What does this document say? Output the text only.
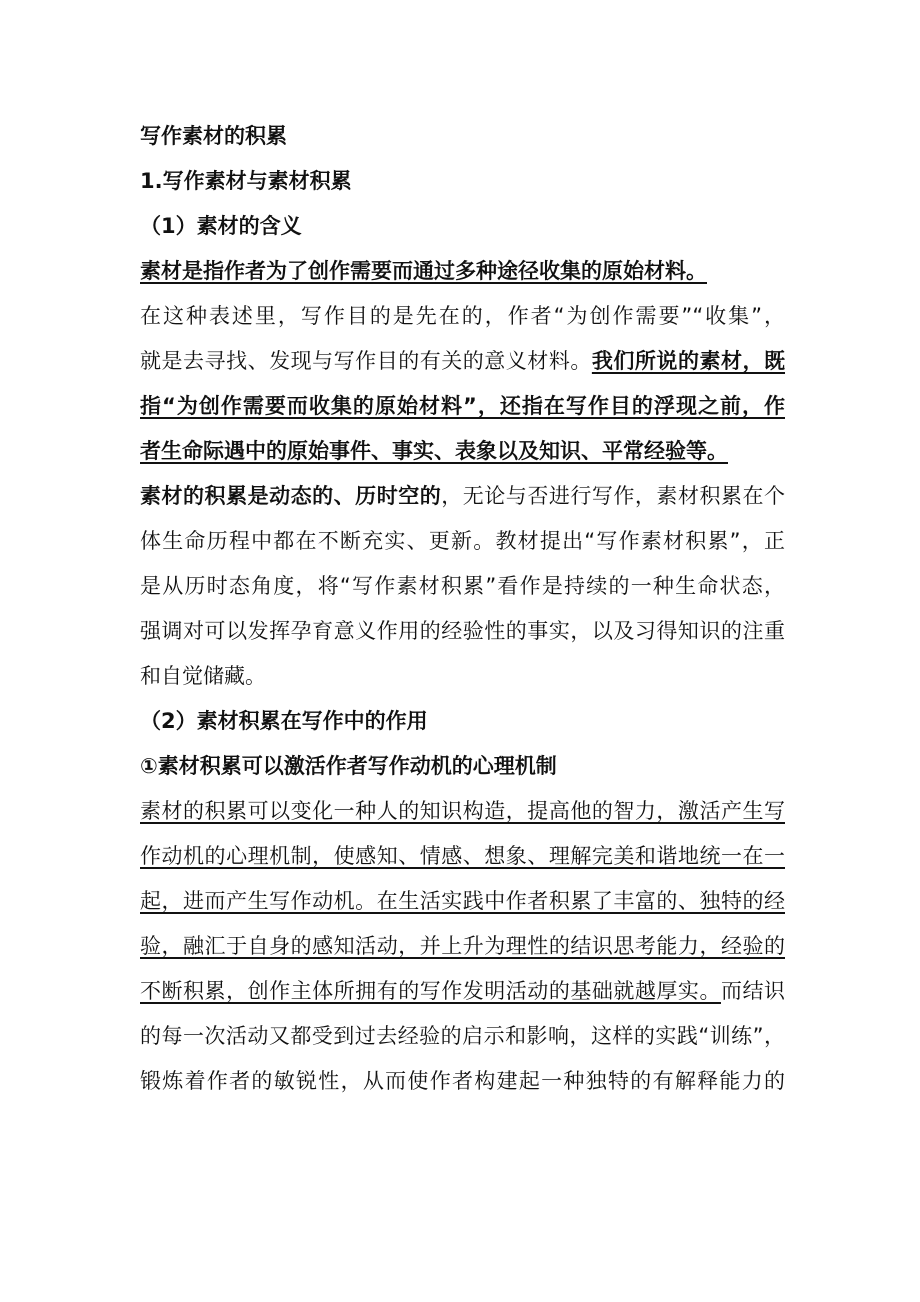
写作素材的积累
1.写作素材与素材积累
（1）素材的含义
素材是指作者为了创作需要而通过多种途径收集的原始材料。
在这种表述里，写作目的是先在的，作者“为创作需要”“收集”，
就是去寻找、发现与写作目的有关的意义材料。我们所说的素材，既
指“为创作需要而收集的原始材料”，还指在写作目的浮现之前，作
者生命际遇中的原始事件、事实、表象以及知识、平常经验等。
素材的积累是动态的、历时空的，无论与否进行写作，素材积累在个
体生命历程中都在不断充实、更新。教材提出“写作素材积累”，正
是从历时态角度，将“写作素材积累”看作是持续的一种生命状态，
强调对可以发挥孕育意义作用的经验性的事实，以及习得知识的注重
和自觉储藏。
（2）素材积累在写作中的作用
①素材积累可以激活作者写作动机的心理机制
素材的积累可以变化一种人的知识构造，提高他的智力，激活产生写
作动机的心理机制，使感知、情感、想象、理解完美和谐地统一在一
起，进而产生写作动机。在生活实践中作者积累了丰富的、独特的经
验，融汇于自身的感知活动，并上升为理性的结识思考能力，经验的
不断积累，创作主体所拥有的写作发明活动的基础就越厚实。而结识
的每一次活动又都受到过去经验的启示和影响，这样的实践“训练”，
锻炼着作者的敏锐性，从而使作者构建起一种独特的有解释能力的
